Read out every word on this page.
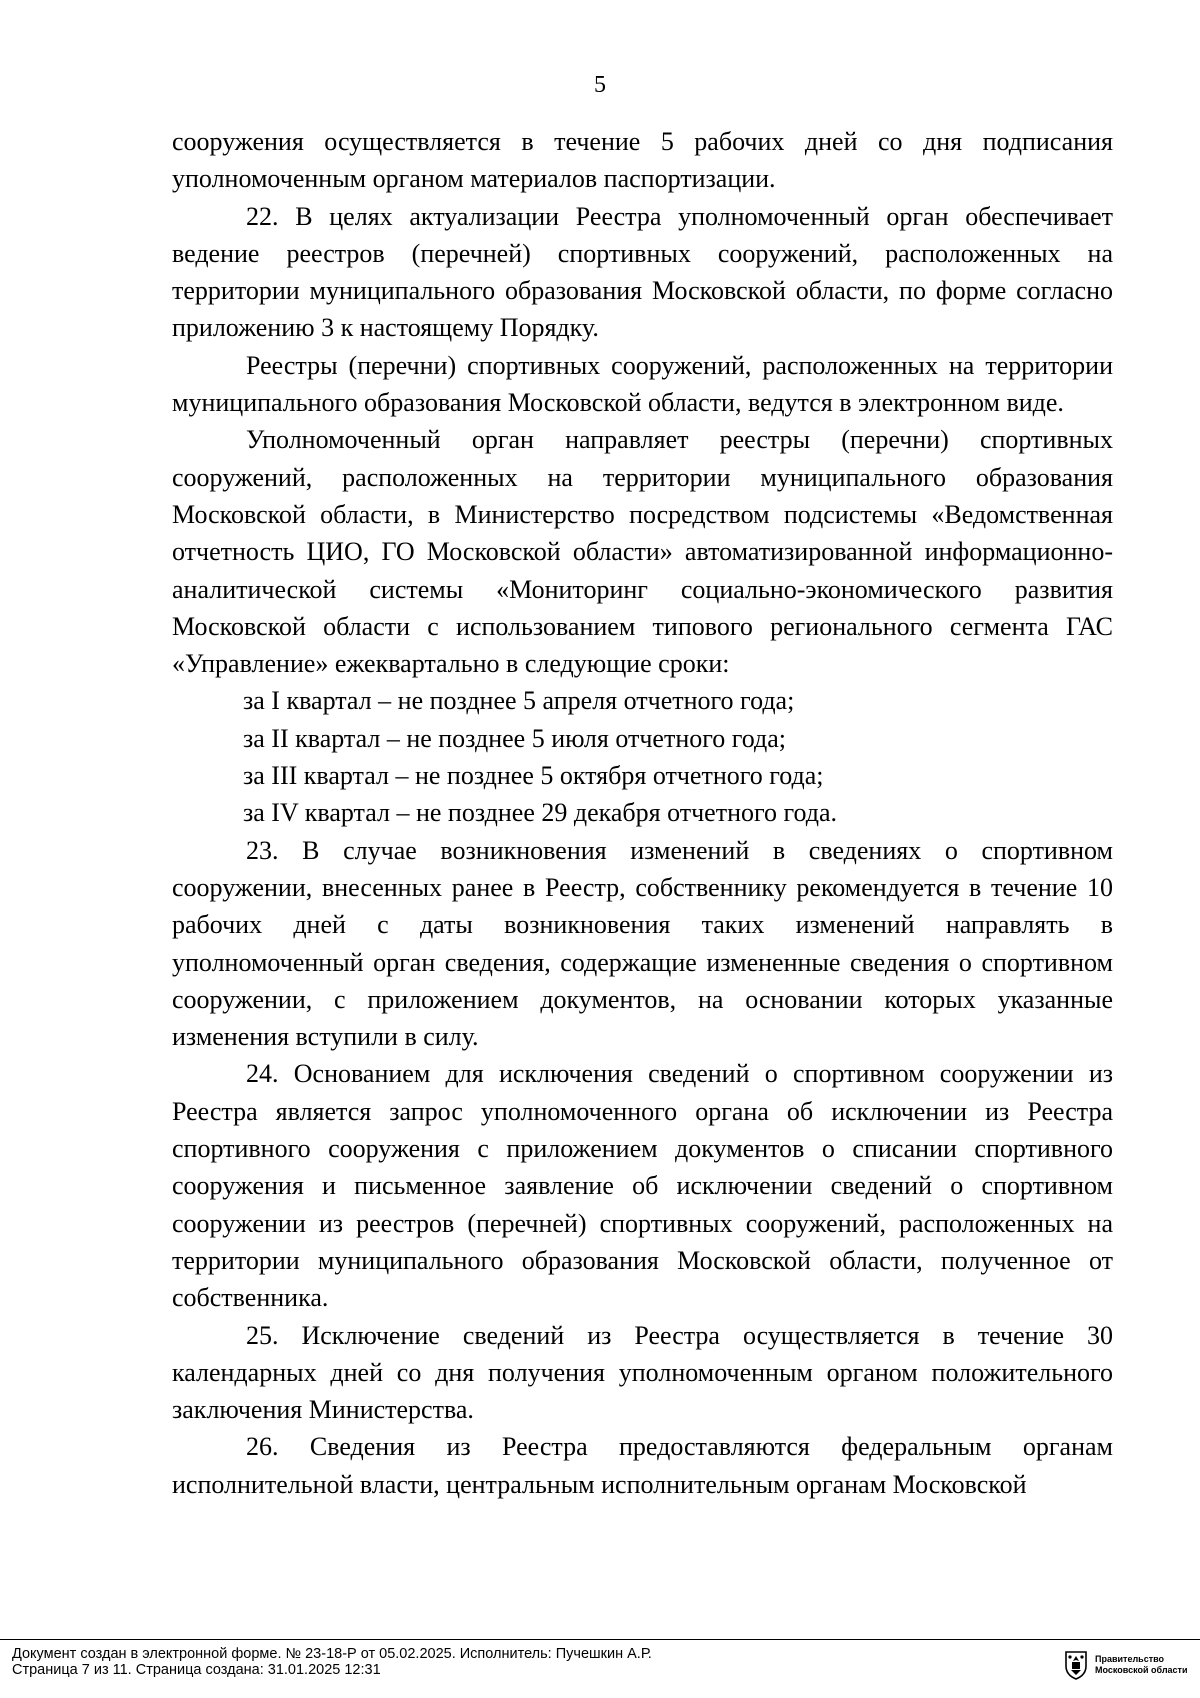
5

сооружения осуществляется в течение 5 рабочих дней со дня подписания уполномоченным органом материалов паспортизации.

22. В целях актуализации Реестра уполномоченный орган обеспечивает ведение реестров (перечней) спортивных сооружений, расположенных на территории муниципального образования Московской области, по форме согласно приложению 3 к настоящему Порядку.

Реестры (перечни) спортивных сооружений, расположенных на территории муниципального образования Московской области, ведутся в электронном виде.

Уполномоченный орган направляет реестры (перечни) спортивных сооружений, расположенных на территории муниципального образования Московской области, в Министерство посредством подсистемы «Ведомственная отчетность ЦИО, ГО Московской области» автоматизированной информационно-аналитической системы «Мониторинг социально-экономического развития Московской области с использованием типового регионального сегмента ГАС «Управление» ежеквартально в следующие сроки:

за I квартал – не позднее 5 апреля отчетного года;

за II квартал – не позднее 5 июля отчетного года;

за III квартал – не позднее 5 октября отчетного года;

за IV квартал – не позднее 29 декабря отчетного года.

23. В случае возникновения изменений в сведениях о спортивном сооружении, внесенных ранее в Реестр, собственнику рекомендуется в течение 10 рабочих дней с даты возникновения таких изменений направлять в уполномоченный орган сведения, содержащие измененные сведения о спортивном сооружении, с приложением документов, на основании которых указанные изменения вступили в силу.

24. Основанием для исключения сведений о спортивном сооружении из Реестра является запрос уполномоченного органа об исключении из Реестра спортивного сооружения с приложением документов о списании спортивного сооружения и письменное заявление об исключении сведений о спортивном сооружении из реестров (перечней) спортивных сооружений, расположенных на территории муниципального образования Московской области, полученное от собственника.

25. Исключение сведений из Реестра осуществляется в течение 30 календарных дней со дня получения уполномоченным органом положительного заключения Министерства.

26. Сведения из Реестра предоставляются федеральным органам исполнительной власти, центральным исполнительным органам Московской

Документ создан в электронной форме. № 23-18-Р от 05.02.2025. Исполнитель: Пучешкин А.Р.
Страница 7 из 11. Страница создана: 31.01.2025 12:31
Правительство
Московской области
